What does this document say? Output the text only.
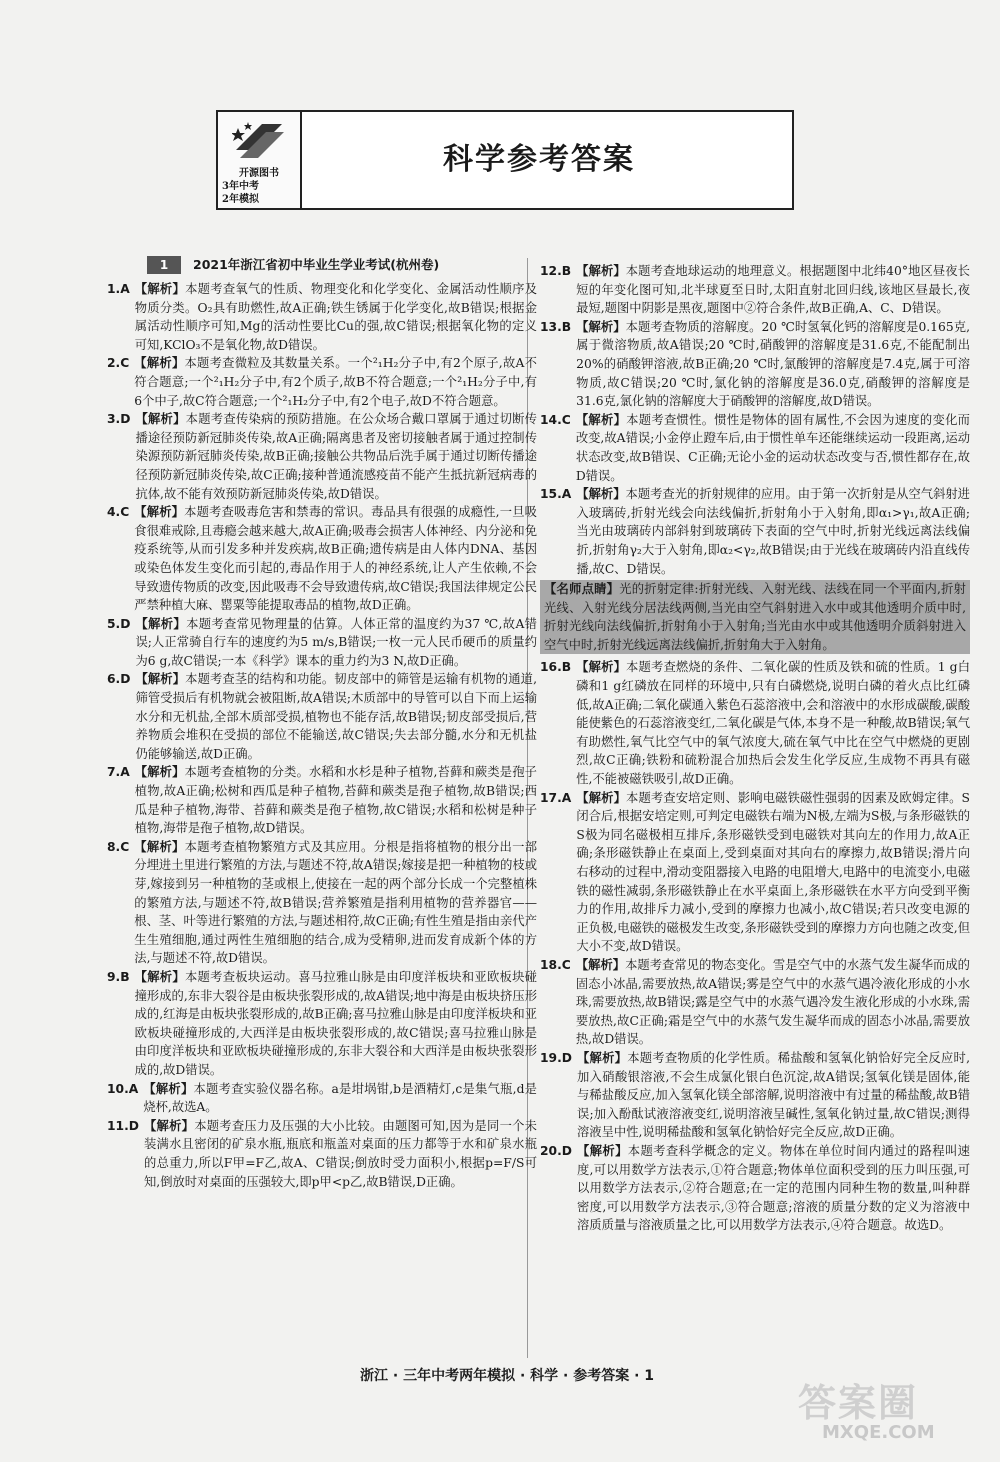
开源图书
3年中考
2年模拟
科学参考答案
1	2021年浙江省初中毕业生学业考试(杭州卷)
1.A 【解析】本题考查氧气的性质、物理变化和化学变化、金属活动性顺序及物质分类。O₂具有助燃性,故A正确;铁生锈属于化学变化,故B错误;根据金属活动性顺序可知,Mg的活动性要比Cu的强,故C错误;根据氧化物的定义可知,KClO₃不是氧化物,故D错误。
2.C 【解析】本题考查微粒及其数量关系。一个²₁H₂分子中,有2个原子,故A不符合题意;一个²₁H₂分子中,有2个质子,故B不符合题意;一个²₁H₂分子中,有6个中子,故C符合题意;一个²₁H₂分子中,有2个电子,故D不符合题意。
3.D 【解析】本题考查传染病的预防措施。在公众场合戴口罩属于通过切断传播途径预防新冠肺炎传染,故A正确;隔离患者及密切接触者属于通过控制传染源预防新冠肺炎传染,故B正确;接触公共物品后洗手属于通过切断传播途径预防新冠肺炎传染,故C正确;接种普通流感疫苗不能产生抵抗新冠病毒的抗体,故不能有效预防新冠肺炎传染,故D错误。
4.C 【解析】本题考查吸毒危害和禁毒的常识。毒品具有很强的成瘾性,一旦吸食很难戒除,且毒瘾会越来越大,故A正确;吸毒会损害人体神经、内分泌和免疫系统等,从而引发多种并发疾病,故B正确;遗传病是由人体内DNA、基因或染色体发生变化而引起的,毒品作用于人的神经系统,让人产生依赖,不会导致遗传物质的改变,因此吸毒不会导致遗传病,故C错误;我国法律规定公民严禁种植大麻、罂粟等能提取毒品的植物,故D正确。
5.D 【解析】本题考查常见物理量的估算。人体正常的温度约为37 ℃,故A错误;人正常骑自行车的速度约为5 m/s,B错误;一枚一元人民币硬币的质量约为6 g,故C错误;一本《科学》课本的重力约为3 N,故D正确。
6.D 【解析】本题考查茎的结构和功能。韧皮部中的筛管是运输有机物的通道,筛管受损后有机物就会被阻断,故A错误;木质部中的导管可以自下而上运输水分和无机盐,全部木质部受损,植物也不能存活,故B错误;韧皮部受损后,营养物质会堆积在受损的部位不能输送,故C错误;失去部分髓,水分和无机盐仍能够输送,故D正确。
7.A 【解析】本题考查植物的分类。水稻和水杉是种子植物,苔藓和蕨类是孢子植物,故A正确;松树和西瓜是种子植物,苔藓和蕨类是孢子植物,故B错误;西瓜是种子植物,海带、苔藓和蕨类是孢子植物,故C错误;水稻和松树是种子植物,海带是孢子植物,故D错误。
8.C 【解析】本题考查植物繁殖方式及其应用。分根是指将植物的根分出一部分埋进土里进行繁殖的方法,与题述不符,故A错误;嫁接是把一种植物的枝或芽,嫁接到另一种植物的茎或根上,使接在一起的两个部分长成一个完整植株的繁殖方法,与题述不符,故B错误;营养繁殖是指利用植物的营养器官——根、茎、叶等进行繁殖的方法,与题述相符,故C正确;有性生殖是指由亲代产生生殖细胞,通过两性生殖细胞的结合,成为受精卵,进而发育成新个体的方法,与题述不符,故D错误。
9.B 【解析】本题考查板块运动。喜马拉雅山脉是由印度洋板块和亚欧板块碰撞形成的,东非大裂谷是由板块张裂形成的,故A错误;地中海是由板块挤压形成的,红海是由板块张裂形成的,故B正确;喜马拉雅山脉是由印度洋板块和亚欧板块碰撞形成的,大西洋是由板块张裂形成的,故C错误;喜马拉雅山脉是由印度洋板块和亚欧板块碰撞形成的,东非大裂谷和大西洋是由板块张裂形成的,故D错误。
10.A 【解析】本题考查实验仪器名称。a是坩埚钳,b是酒精灯,c是集气瓶,d是烧杯,故选A。
11.D 【解析】本题考查压力及压强的大小比较。由题图可知,因为是同一个未装满水且密闭的矿泉水瓶,瓶底和瓶盖对桌面的压力都等于水和矿泉水瓶的总重力,所以F甲=F乙,故A、C错误;倒放时受力面积小,根据p=F/S可知,倒放时对桌面的压强较大,即p甲<p乙,故B错误,D正确。
12.B 【解析】本题考查地球运动的地理意义。根据题图中北纬40°地区昼夜长短的年变化图可知,北半球夏至日时,太阳直射北回归线,该地区昼最长,夜最短,题图中阴影是黑夜,题图中②符合条件,故B正确,A、C、D错误。
13.B 【解析】本题考查物质的溶解度。20 ℃时氢氧化钙的溶解度是0.165克,属于微溶物质,故A错误;20 ℃时,硝酸钾的溶解度是31.6克,不能配制出20%的硝酸钾溶液,故B正确;20 ℃时,氯酸钾的溶解度是7.4克,属于可溶物质,故C错误;20 ℃时,氯化钠的溶解度是36.0克,硝酸钾的溶解度是31.6克,氯化钠的溶解度大于硝酸钾的溶解度,故D错误。
14.C 【解析】本题考查惯性。惯性是物体的固有属性,不会因为速度的变化而改变,故A错误;小金停止蹬车后,由于惯性单车还能继续运动一段距离,运动状态改变,故B错误、C正确;无论小金的运动状态改变与否,惯性都存在,故D错误。
15.A 【解析】本题考查光的折射规律的应用。由于第一次折射是从空气斜射进入玻璃砖,折射光线会向法线偏折,折射角小于入射角,即α₁>γ₁,故A正确;当光由玻璃砖内部斜射到玻璃砖下表面的空气中时,折射光线远离法线偏折,折射角γ₂大于入射角,即α₂<γ₂,故B错误;由于光线在玻璃砖内沿直线传播,故C、D错误。
【名师点睛】光的折射定律:折射光线、入射光线、法线在同一个平面内,折射光线、入射光线分居法线两侧,当光由空气斜射进入水中或其他透明介质中时,折射光线向法线偏折,折射角小于入射角;当光由水中或其他透明介质斜射进入空气中时,折射光线远离法线偏折,折射角大于入射角。
16.B 【解析】本题考查燃烧的条件、二氧化碳的性质及铁和硫的性质。1 g白磷和1 g红磷放在同样的环境中,只有白磷燃烧,说明白磷的着火点比红磷低,故A正确;二氧化碳通入紫色石蕊溶液中,会和溶液中的水形成碳酸,碳酸能使紫色的石蕊溶液变红,二氧化碳是气体,本身不是一种酸,故B错误;氧气有助燃性,氧气比空气中的氧气浓度大,硫在氧气中比在空气中燃烧的更剧烈,故C正确;铁粉和硫粉混合加热后会发生化学反应,生成物不再具有磁性,不能被磁铁吸引,故D正确。
17.A 【解析】本题考查安培定则、影响电磁铁磁性强弱的因素及欧姆定律。S闭合后,根据安培定则,可判定电磁铁右端为N极,左端为S极,与条形磁铁的S极为同名磁极相互排斥,条形磁铁受到电磁铁对其向左的作用力,故A正确;条形磁铁静止在桌面上,受到桌面对其向右的摩擦力,故B错误;滑片向右移动的过程中,滑动变阻器接入电路的电阻增大,电路中的电流变小,电磁铁的磁性减弱,条形磁铁静止在水平桌面上,条形磁铁在水平方向受到平衡力的作用,故排斥力减小,受到的摩擦力也减小,故C错误;若只改变电源的正负极,电磁铁的磁极发生改变,条形磁铁受到的摩擦力方向也随之改变,但大小不变,故D错误。
18.C 【解析】本题考查常见的物态变化。雪是空气中的水蒸气发生凝华而成的固态小冰晶,需要放热,故A错误;雾是空气中的水蒸气遇冷液化形成的小水珠,需要放热,故B错误;露是空气中的水蒸气遇冷发生液化形成的小水珠,需要放热,故C正确;霜是空气中的水蒸气发生凝华而成的固态小冰晶,需要放热,故D错误。
19.D 【解析】本题考查物质的化学性质。稀盐酸和氢氧化钠恰好完全反应时,加入硝酸银溶液,不会生成氯化银白色沉淀,故A错误;氢氧化镁是固体,能与稀盐酸反应,加入氢氧化镁全部溶解,说明溶液中有过量的稀盐酸,故B错误;加入酚酞试液溶液变红,说明溶液呈碱性,氢氧化钠过量,故C错误;测得溶液呈中性,说明稀盐酸和氢氧化钠恰好完全反应,故D正确。
20.D 【解析】本题考查科学概念的定义。物体在单位时间内通过的路程叫速度,可以用数学方法表示,①符合题意;物体单位面积受到的压力叫压强,可以用数学方法表示,②符合题意;在一定的范围内同种生物的数量,叫种群密度,可以用数学方法表示,③符合题意;溶液的质量分数的定义为溶液中溶质质量与溶液质量之比,可以用数学方法表示,④符合题意。故选D。
浙江 · 三年中考两年模拟 · 科学 · 参考答案 · 1
答案圈
MXQE.COM
